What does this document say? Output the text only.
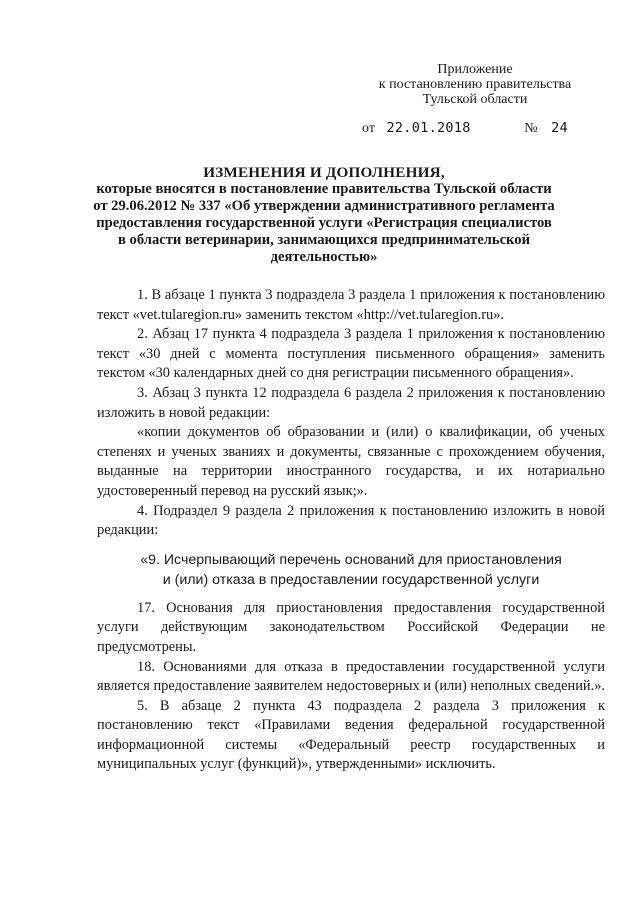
Приложение
к постановлению правительства
Тульской области
от 22.01.2018	№ 24
ИЗМЕНЕНИЯ И ДОПОЛНЕНИЯ,
которые вносятся в постановление правительства Тульской области
от 29.06.2012 № 337 «Об утверждении административного регламента
предоставления государственной услуги «Регистрация специалистов
в области ветеринарии, занимающихся предпринимательской
деятельностью»

1. В абзаце 1 пункта 3 подраздела 3 раздела 1 приложения к постановлению текст «vet.tularegion.ru» заменить текстом «http://vet.tularegion.ru».

2. Абзац 17 пункта 4 подраздела 3 раздела 1 приложения к постановлению текст «30 дней с момента поступления письменного обращения» заменить текстом «30 календарных дней со дня регистрации письменного обращения».

3. Абзац 3 пункта 12 подраздела 6 раздела 2 приложения к постановлению изложить в новой редакции:

«копии документов об образовании и (или) о квалификации, об ученых степенях и ученых званиях и документы, связанные с прохождением обучения, выданные на территории иностранного государства, и их нотариально удостоверенный перевод на русский язык;».

4. Подраздел 9 раздела 2 приложения к постановлению изложить в новой редакции:

«9. Исчерпывающий перечень оснований для приостановления
и (или) отказа в предоставлении государственной услуги

17. Основания для приостановления предоставления государственной услуги действующим законодательством Российской Федерации не предусмотрены.

18. Основаниями для отказа в предоставлении государственной услуги является предоставление заявителем недостоверных и (или) неполных сведений.».

5. В абзаце 2 пункта 43 подраздела 2 раздела 3 приложения к постановлению текст «Правилами ведения федеральной государственной информационной системы «Федеральный реестр государственных и муниципальных услуг (функций)», утвержденными» исключить.
